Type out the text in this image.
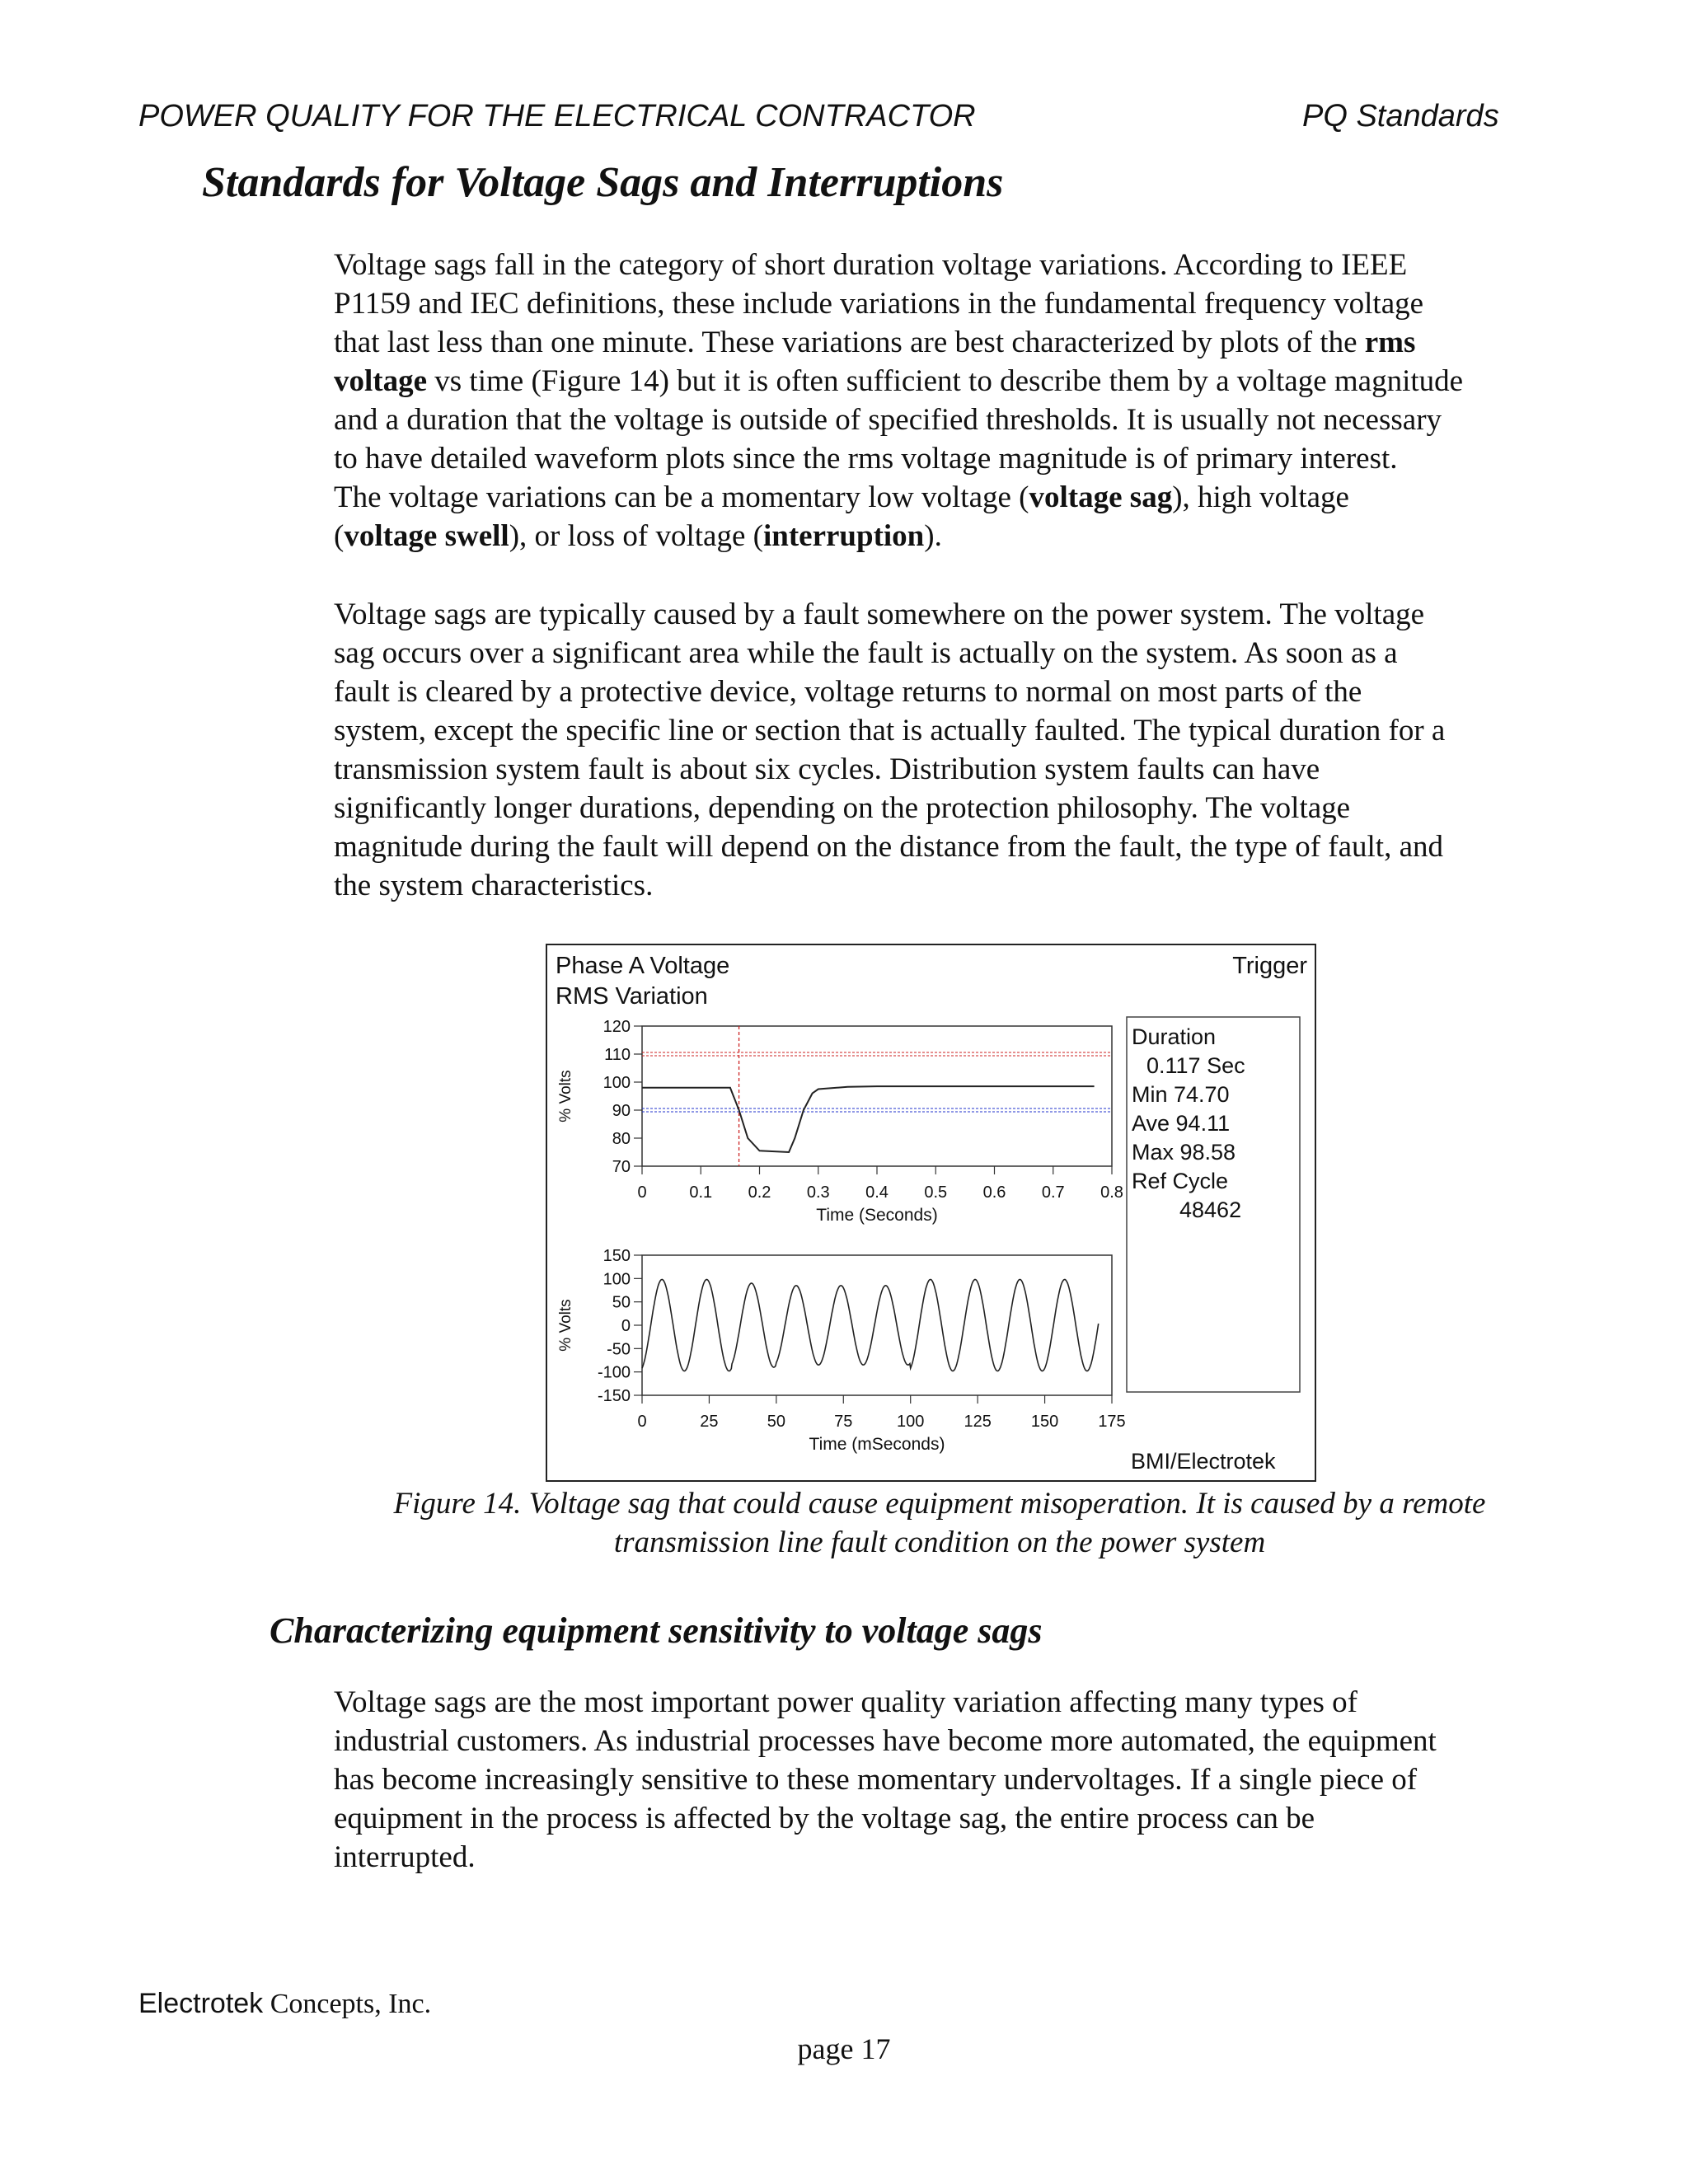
POWER QUALITY FOR THE ELECTRICAL CONTRACTOR	PQ Standards
Standards for Voltage Sags and Interruptions

Voltage sags fall in the category of short duration voltage variations. According to IEEE
P1159 and IEC definitions, these include variations in the fundamental frequency voltage
that last less than one minute. These variations are best characterized by plots of the rms
voltage vs time (Figure 14) but it is often sufficient to describe them by a voltage magnitude
and a duration that the voltage is outside of specified thresholds. It is usually not necessary
to have detailed waveform plots since the rms voltage magnitude is of primary interest.
The voltage variations can be a momentary low voltage (voltage sag), high voltage
(voltage swell), or loss of voltage (interruption).

Voltage sags are typically caused by a fault somewhere on the power system. The voltage
sag occurs over a significant area while the fault is actually on the system. As soon as a
fault is cleared by a protective device, voltage returns to normal on most parts of the
system, except the specific line or section that is actually faulted. The typical duration for a
transmission system fault is about six cycles. Distribution system faults can have
significantly longer durations, depending on the protection philosophy. The voltage
magnitude during the fault will depend on the distance from the fault, the type of fault, and
the system characteristics.

Phase A Voltage
RMS Variation
Trigger
Time (Seconds)
% Volts
120
110
100
90
80
70
0	0.1 0.2 0.3 0.4 0.5 0.6 0.7 0.8
Time (mSeconds)
% Volts
150
100
50
0
-50
-100
-150
0	25	50	75	100 125 150 175
Duration
0.117 Sec
Min 74.70
Ave 94.11
Max 98.58
Ref Cycle
48462
BMI/Electrotek

Figure 14. Voltage sag that could cause equipment misoperation. It is caused by a remote
transmission line fault condition on the power system

Characterizing equipment sensitivity to voltage sags

Voltage sags are the most important power quality variation affecting many types of
industrial customers. As industrial processes have become more automated, the equipment
has become increasingly sensitive to these momentary undervoltages. If a single piece of
equipment in the process is affected by the voltage sag, the entire process can be
interrupted.

Electrotek Concepts, Inc.
page 17
